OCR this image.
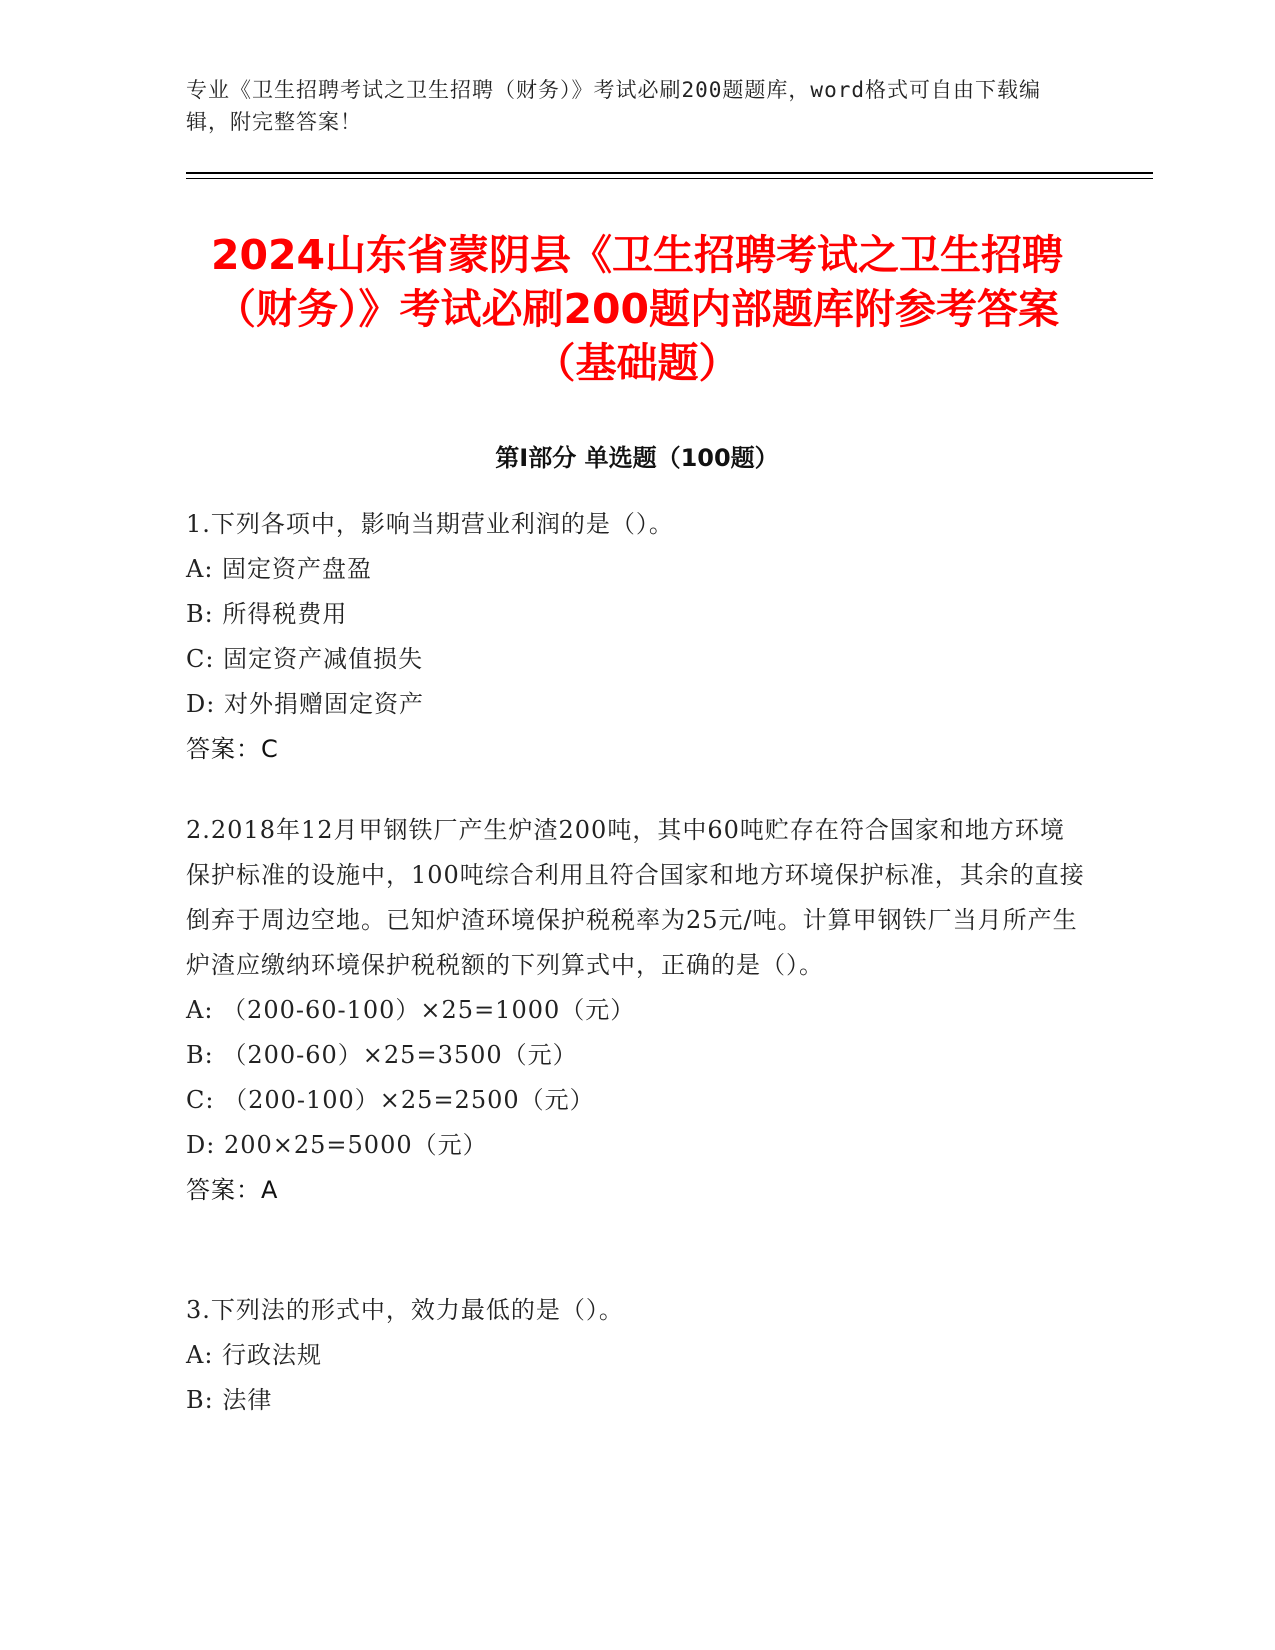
专业《卫生招聘考试之卫生招聘（财务）》考试必刷200题题库，word格式可自由下载编辑，附完整答案！
2024山东省蒙阴县《卫生招聘考试之卫生招聘（财务）》考试必刷200题内部题库附参考答案（基础题）
第I部分 单选题（100题）

1.下列各项中，影响当期营业利润的是（）。

A: 固定资产盘盈

B: 所得税费用

C: 固定资产减值损失

D: 对外捐赠固定资产

答案：C

2.2018年12月甲钢铁厂产生炉渣200吨，其中60吨贮存在符合国家和地方环境保护标准的设施中，100吨综合利用且符合国家和地方环境保护标准，其余的直接倒弃于周边空地。已知炉渣环境保护税税率为25元/吨。计算甲钢铁厂当月所产生炉渣应缴纳环境保护税税额的下列算式中，正确的是（）。

A: （200-60-100）×25=1000（元）

B: （200-60）×25=3500（元）

C: （200-100）×25=2500（元）

D: 200×25=5000（元）

答案：A

3.下列法的形式中，效力最低的是（）。

A: 行政法规

B: 法律
